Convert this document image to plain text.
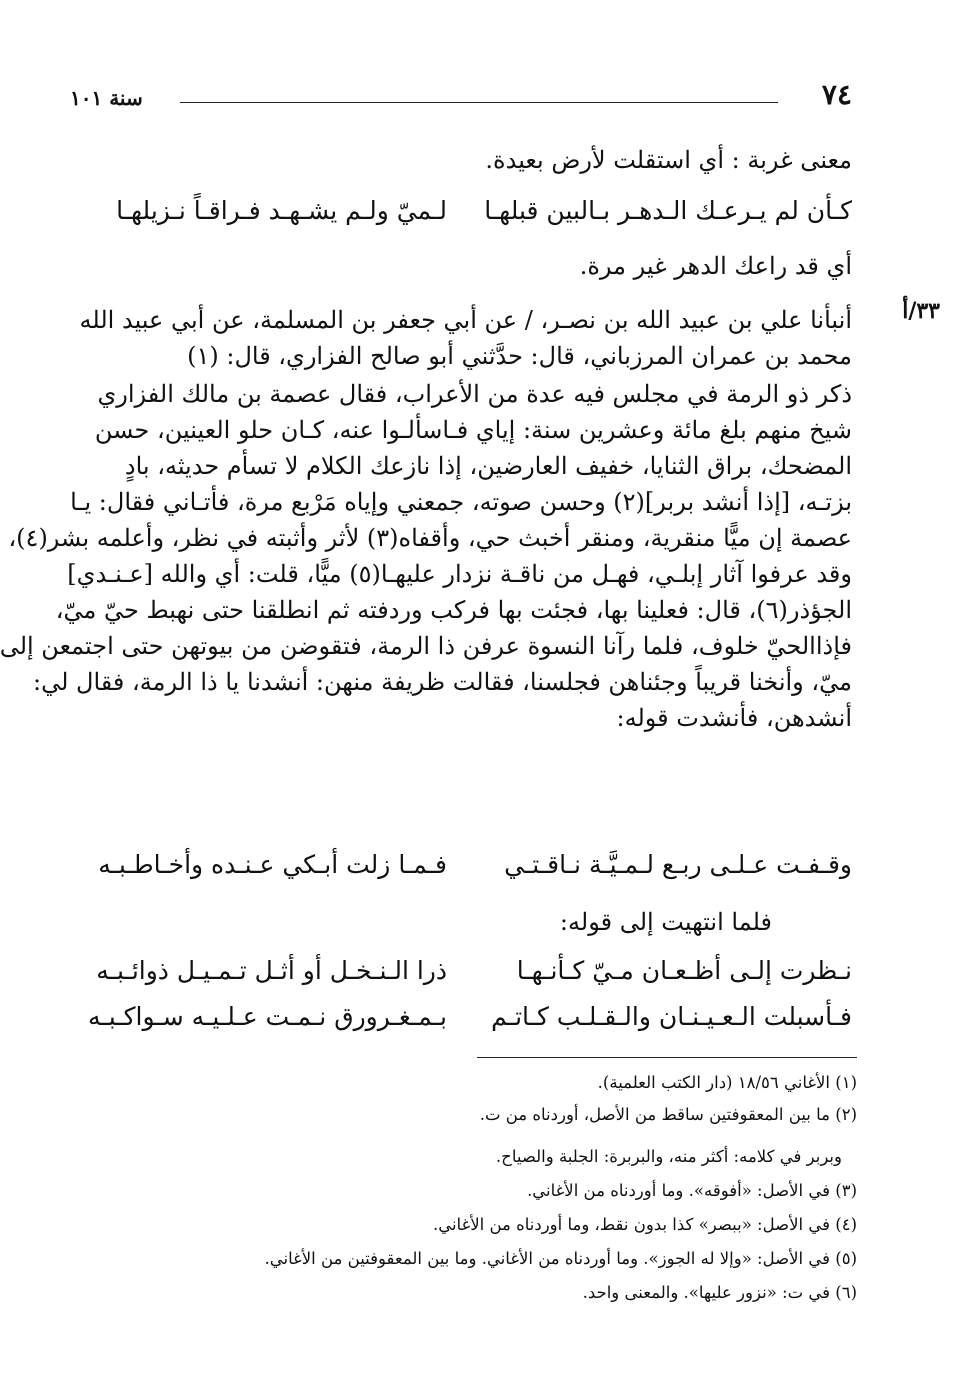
٧٤
سنة ١٠١
٣٣/أ
معنى غربة : أي استقلت لأرض بعيدة.
كـأن لم يـرعـك الـدهـر بـالبين قبلهـا
لـميّ ولـم يشـهـد فـراقـاً نـزيلهـا
أي قد راعك الدهر غير مرة.
أنبأنا علي بن عبيد الله بن نصـر، / عن أبي جعفر بن المسلمة، عن أبي عبيد الله
محمد بن عمران المرزباني، قال: حدَّثني أبو صالح الفزاري، قال: (١)
ذكر ذو الرمة في مجلس فيه عدة من الأعراب، فقال عصمة بن مالك الفزاري
شيخ منهم بلغ مائة وعشرين سنة: إياي فـاسألـوا عنه، كـان حلو العينين، حسن
المضحك، براق الثنايا، خفيف العارضين، إذا نازعك الكلام لا تسأم حديثه، بادٍ
بزتـه، [إذا أنشد بربر](٢) وحسن صوته، جمعني وإياه مَرْبع مرة، فأتـاني فقال: يـا
عصمة إن ميًّا منقرية، ومنقر أخبث حي، وأقفاه(٣) لأثر وأثبته في نظر، وأعلمه بشر(٤)،
وقد عرفوا آثار إبلـي، فهـل من ناقـة نزدار عليهـا(٥) ميًّا، قلت: أي والله [عـنـدي]
الجؤذر(٦)، قال: فعلينا بها، فجئت بها فركب وردفته ثم انطلقنا حتى نهبط حيّ ميّ،
فإذاالحيّ خلوف، فلما رآنا النسوة عرفن ذا الرمة، فتقوضن من بيوتهن حتى اجتمعن إلى
ميّ، وأنخنا قريباً وجئناهن فجلسنا، فقالت ظريفة منهن: أنشدنا يا ذا الرمة، فقال لي:
أنشدهن، فأنشدت قوله:
وقـفـت عـلـى ربـع لـمـيَّـة نـاقـتـي
فـمـا زلت أبـكي عـنـده وأخـاطـبـه
فلما انتهيت إلى قوله:
نـظرت إلـى أظـعـان مـيّ كـأنـهـا
ذرا الـنـخـل أو أثـل تـمـيـل ذوائـبـه
فـأسبلت الـعـيـنـان والـقـلـب كـاتـم
بـمـغـرورق نـمـت عـلـيـه سـواكـبـه
(١) الأغاني ١٨/٥٦ (دار الكتب العلمية).
(٢) ما بين المعقوفتين ساقط من الأصل، أوردناه من ت.
وبربر في كلامه: أكثر منه، والبربرة: الجلبة والصياح.
(٣) في الأصل: «أفوقه». وما أوردناه من الأغاني.
(٤) في الأصل: «ببصر» كذا بدون نقط، وما أوردناه من الأغاني.
(٥) في الأصل: «وإلا له الجوز». وما أوردناه من الأغاني. وما بين المعقوفتين من الأغاني.
(٦) في ت: «نزور عليها». والمعنى واحد.
